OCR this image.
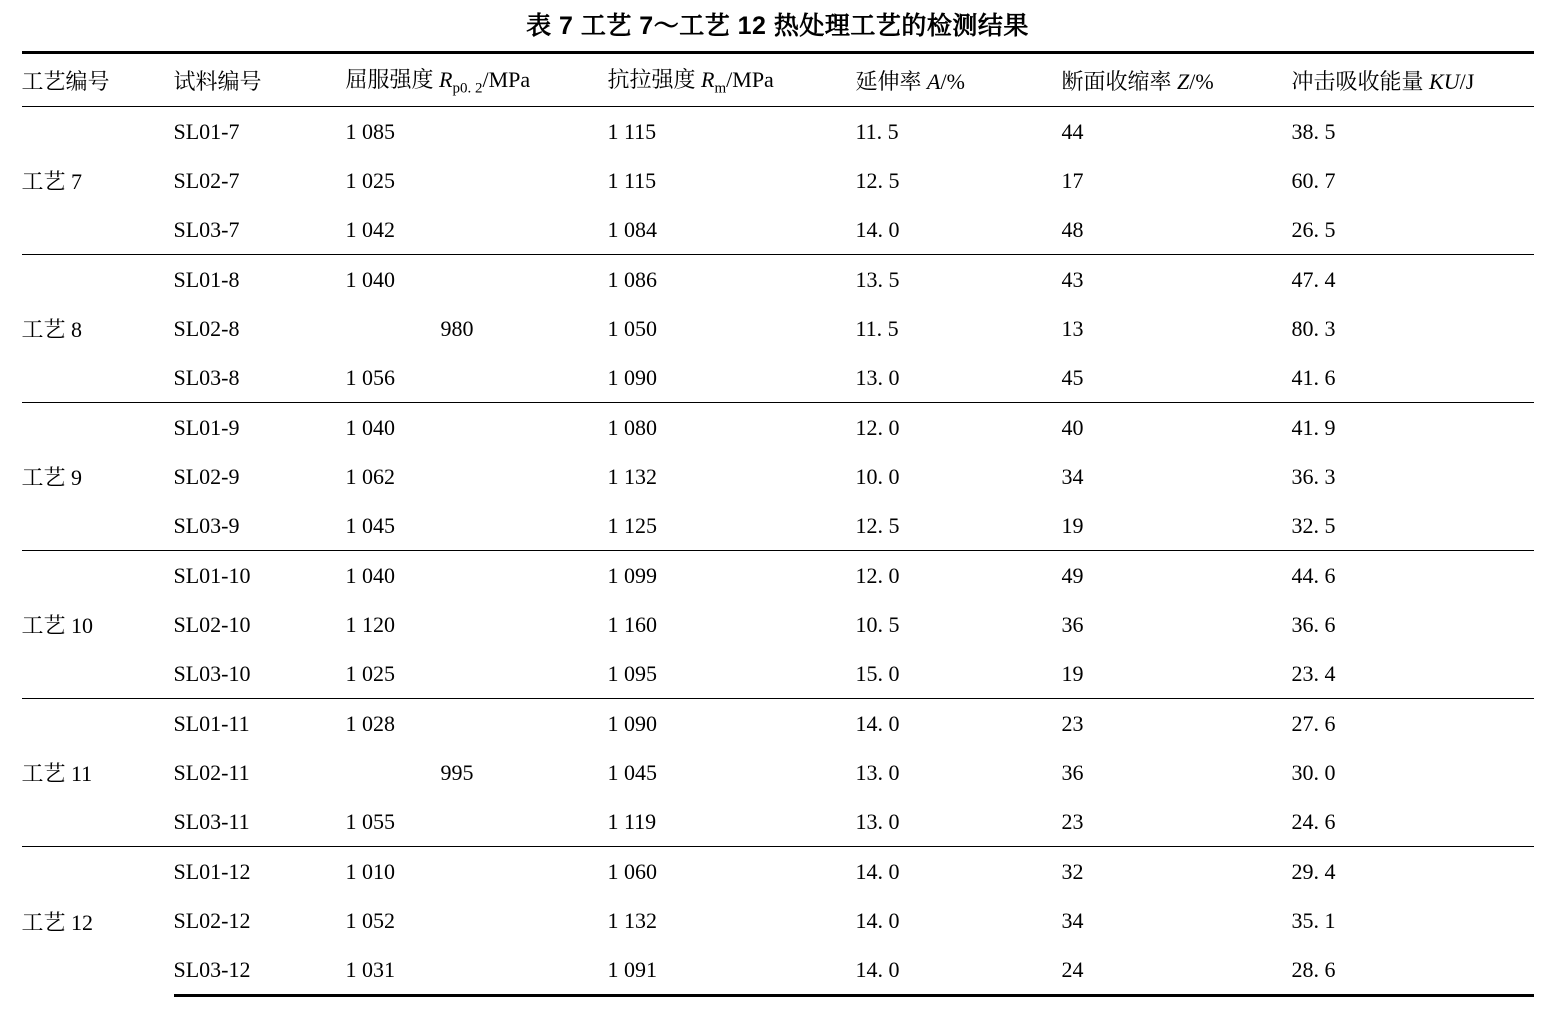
表 7 工艺 7～工艺 12 热处理工艺的检测结果
工艺编号	试料编号	屈服强度 $R_{p0. 2}$/MPa	抗拉强度 $R_m$/MPa	延伸率 A/%	断面收缩率 Z/%	冲击吸收能量 KU/J
工艺 7	SL01-7	1 085	1 115	11. 5	44	38. 5
	SL02-7	1 025	1 115	12. 5	17	60. 7
	SL03-7	1 042	1 084	14. 0	48	26. 5
工艺 8	SL01-8	1 040	1 086	13. 5	43	47. 4
	SL02-8	980	1 050	11. 5	13	80. 3
	SL03-8	1 056	1 090	13. 0	45	41. 6
工艺 9	SL01-9	1 040	1 080	12. 0	40	41. 9
	SL02-9	1 062	1 132	10. 0	34	36. 3
	SL03-9	1 045	1 125	12. 5	19	32. 5
工艺 10	SL01-10	1 040	1 099	12. 0	49	44. 6
	SL02-10	1 120	1 160	10. 5	36	36. 6
	SL03-10	1 025	1 095	15. 0	19	23. 4
工艺 11	SL01-11	1 028	1 090	14. 0	23	27. 6
	SL02-11	995	1 045	13. 0	36	30. 0
	SL03-11	1 055	1 119	13. 0	23	24. 6
工艺 12	SL01-12	1 010	1 060	14. 0	32	29. 4
	SL02-12	1 052	1 132	14. 0	34	35. 1
	SL03-12	1 031	1 091	14. 0	24	28. 6
